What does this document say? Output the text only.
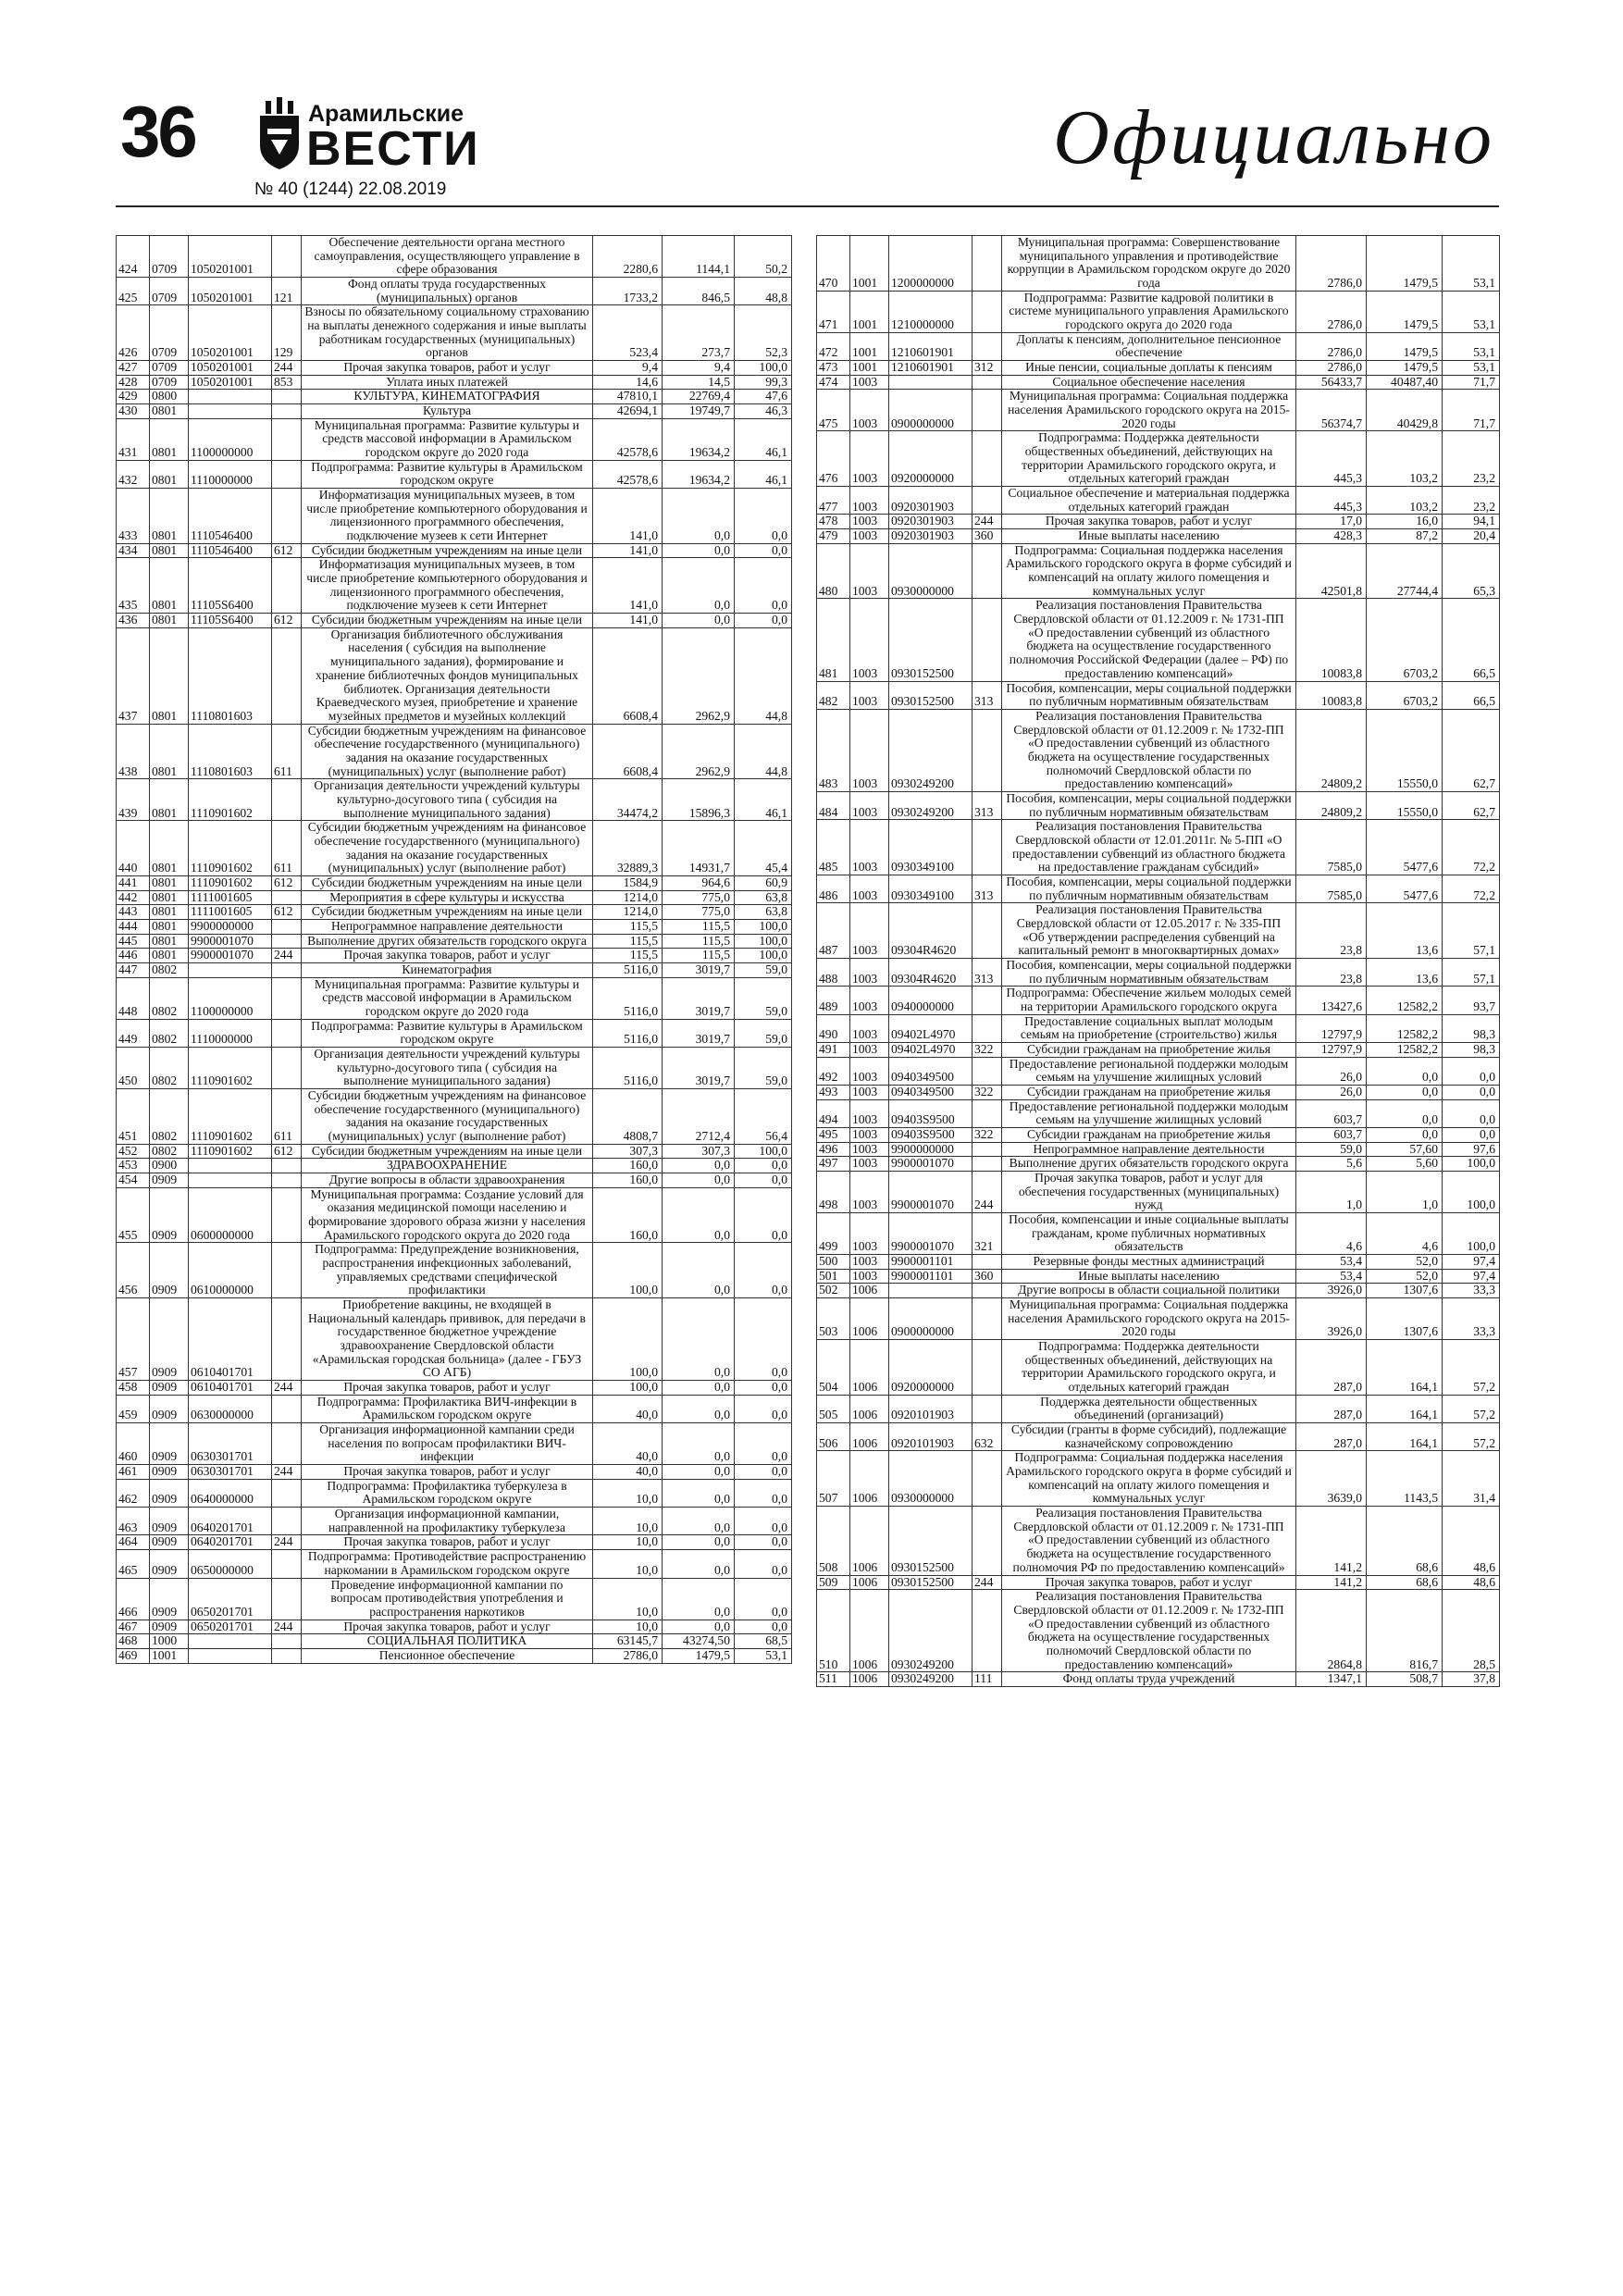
36	Арамильские
ВЕСТИ
№ 40 (1244) 22.08.2019
Официально
424	0709	1050201001		Обеспечение деятельности органа местного самоуправления, осуществляющего управление в сфере образования	2280,6	1144,1	50,2
425	0709	1050201001	121	Фонд оплаты труда государственных (муниципальных) органов	1733,2	846,5	48,8
426	0709	1050201001	129	Взносы по обязательному социальному страхованию на выплаты денежного содержания и иные выплаты работникам государственных (муниципальных) органов	523,4	273,7	52,3
427	0709	1050201001	244	Прочая закупка товаров, работ и услуг	9,4	9,4	100,0
428	0709	1050201001	853	Уплата иных платежей	14,6	14,5	99,3
429	0800			КУЛЬТУРА, КИНЕМАТОГРАФИЯ	47810,1	22769,4	47,6
430	0801			Культура	42694,1	19749,7	46,3
431	0801	1100000000		Муниципальная программа: Развитие культуры и средств массовой информации в Арамильском городском округе до 2020 года	42578,6	19634,2	46,1
432	0801	1110000000		Подпрограмма: Развитие культуры в Арамильском городском округе	42578,6	19634,2	46,1
433	0801	1110546400		Информатизация муниципальных музеев, в том числе приобретение компьютерного оборудования и лицензионного программного обеспечения, подключение музеев к сети Интернет	141,0	0,0	0,0
434	0801	1110546400	612	Субсидии бюджетным учреждениям на иные цели	141,0	0,0	0,0
435	0801	11105S6400		Информатизация муниципальных музеев, в том числе приобретение компьютерного оборудования и лицензионного программного обеспечения, подключение музеев к сети Интернет	141,0	0,0	0,0
436	0801	11105S6400	612	Субсидии бюджетным учреждениям на иные цели	141,0	0,0	0,0
437	0801	1110801603		Организация библиотечного обслуживания населения ( субсидия на выполнение муниципального задания), формирование и хранение библиотечных фондов муниципальных библиотек. Организация деятельности Краеведческого музея, приобретение и хранение музейных предметов и музейных коллекций	6608,4	2962,9	44,8
438	0801	1110801603	611	Субсидии бюджетным учреждениям на финансовое обеспечение государственного (муниципального) задания на оказание государственных (муниципальных) услуг (выполнение работ)	6608,4	2962,9	44,8
439	0801	1110901602		Организация деятельности учреждений культуры культурно-досугового типа ( субсидия на выполнение муниципального задания)	34474,2	15896,3	46,1
440	0801	1110901602	611	Субсидии бюджетным учреждениям на финансовое обеспечение государственного (муниципального) задания на оказание государственных (муниципальных) услуг (выполнение работ)	32889,3	14931,7	45,4
441	0801	1110901602	612	Субсидии бюджетным учреждениям на иные цели	1584,9	964,6	60,9
442	0801	1111001605		Мероприятия в сфере культуры и искусства	1214,0	775,0	63,8
443	0801	1111001605	612	Субсидии бюджетным учреждениям на иные цели	1214,0	775,0	63,8
444	0801	9900000000		Непрограммное направление деятельности	115,5	115,5	100,0
445	0801	9900001070		Выполнение других обязательств городского округа	115,5	115,5	100,0
446	0801	9900001070	244	Прочая закупка товаров, работ и услуг	115,5	115,5	100,0
447	0802			Кинематография	5116,0	3019,7	59,0
448	0802	1100000000		Муниципальная программа: Развитие культуры и средств массовой информации в Арамильском городском округе до 2020 года	5116,0	3019,7	59,0
449	0802	1110000000		Подпрограмма: Развитие культуры в Арамильском городском округе	5116,0	3019,7	59,0
450	0802	1110901602		Организация деятельности учреждений культуры культурно-досугового типа ( субсидия на выполнение муниципального задания)	5116,0	3019,7	59,0
451	0802	1110901602	611	Субсидии бюджетным учреждениям на финансовое обеспечение государственного (муниципального) задания на оказание государственных (муниципальных) услуг (выполнение работ)	4808,7	2712,4	56,4
452	0802	1110901602	612	Субсидии бюджетным учреждениям на иные цели	307,3	307,3	100,0
453	0900			ЗДРАВООХРАНЕНИЕ	160,0	0,0	0,0
454	0909			Другие вопросы в области здравоохранения	160,0	0,0	0,0
455	0909	0600000000		Муниципальная программа: Создание условий для оказания медицинской помощи населению и формирование здорового образа жизни у населения Арамильского городского округа до 2020 года	160,0	0,0	0,0
456	0909	0610000000		Подпрограмма: Предупреждение возникновения, распространения инфекционных заболеваний, управляемых средствами специфической профилактики	100,0	0,0	0,0
457	0909	0610401701		Приобретение вакцины, не входящей в Национальный календарь прививок, для передачи в государственное бюджетное учреждение здравоохранение Свердловской области «Арамильская городская больница» (далее - ГБУЗ СО АГБ)	100,0	0,0	0,0
458	0909	0610401701	244	Прочая закупка товаров, работ и услуг	100,0	0,0	0,0
459	0909	0630000000		Подпрограмма: Профилактика ВИЧ-инфекции в Арамильском городском округе	40,0	0,0	0,0
460	0909	0630301701		Организация информационной кампании среди населения по вопросам профилактики ВИЧ-инфекции	40,0	0,0	0,0
461	0909	0630301701	244	Прочая закупка товаров, работ и услуг	40,0	0,0	0,0
462	0909	0640000000		Подпрограмма: Профилактика туберкулеза в Арамильском городском округе	10,0	0,0	0,0
463	0909	0640201701		Организация информационной кампании, направленной на профилактику туберкулеза	10,0	0,0	0,0
464	0909	0640201701	244	Прочая закупка товаров, работ и услуг	10,0	0,0	0,0
465	0909	0650000000		Подпрограмма: Противодействие распространению наркомании в Арамильском городском округе	10,0	0,0	0,0
466	0909	0650201701		Проведение информационной кампании по вопросам противодействия употребления и распространения наркотиков	10,0	0,0	0,0
467	0909	0650201701	244	Прочая закупка товаров, работ и услуг	10,0	0,0	0,0
468	1000			СОЦИАЛЬНАЯ ПОЛИТИКА	63145,7	43274,50	68,5
469	1001			Пенсионное обеспечение	2786,0	1479,5	53,1
470	1001	1200000000		Муниципальная программа: Совершенствование муниципального управления и противодействие коррупции в Арамильском городском округе до 2020 года	2786,0	1479,5	53,1
471	1001	1210000000		Подпрограмма: Развитие кадровой политики в системе муниципального управления Арамильского городского округа до 2020 года	2786,0	1479,5	53,1
472	1001	1210601901		Доплаты к пенсиям, дополнительное пенсионное обеспечение	2786,0	1479,5	53,1
473	1001	1210601901	312	Иные пенсии, социальные доплаты к пенсиям	2786,0	1479,5	53,1
474	1003			Социальное обеспечение населения	56433,7	40487,40	71,7
475	1003	0900000000		Муниципальная программа: Социальная поддержка населения Арамильского городского округа на 2015-2020 годы	56374,7	40429,8	71,7
476	1003	0920000000		Подпрограмма: Поддержка деятельности общественных объединений, действующих на территории Арамильского городского округа, и отдельных категорий граждан	445,3	103,2	23,2
477	1003	0920301903		Социальное обеспечение и материальная поддержка отдельных категорий граждан	445,3	103,2	23,2
478	1003	0920301903	244	Прочая закупка товаров, работ и услуг	17,0	16,0	94,1
479	1003	0920301903	360	Иные выплаты населению	428,3	87,2	20,4
480	1003	0930000000		Подпрограмма: Социальная поддержка населения Арамильского городского округа в форме субсидий и компенсаций на оплату жилого помещения и коммунальных услуг	42501,8	27744,4	65,3
481	1003	0930152500		Реализация постановления Правительства Свердловской области от 01.12.2009 г. № 1731-ПП «О предоставлении субвенций из областного бюджета на осуществление государственного полномочия Российской Федерации (далее – РФ) по предоставлению компенсаций»	10083,8	6703,2	66,5
482	1003	0930152500	313	Пособия, компенсации, меры социальной поддержки по публичным нормативным обязательствам	10083,8	6703,2	66,5
483	1003	0930249200		Реализация постановления Правительства Свердловской области от 01.12.2009 г. № 1732-ПП «О предоставлении субвенций из областного бюджета на осуществление государственных полномочий Свердловской области по предоставлению компенсаций»	24809,2	15550,0	62,7
484	1003	0930249200	313	Пособия, компенсации, меры социальной поддержки по публичным нормативным обязательствам	24809,2	15550,0	62,7
485	1003	0930349100		Реализация постановления Правительства Свердловской области от 12.01.2011г. № 5-ПП «О предоставлении субвенций из областного бюджета на предоставление гражданам субсидий»	7585,0	5477,6	72,2
486	1003	0930349100	313	Пособия, компенсации, меры социальной поддержки по публичным нормативным обязательствам	7585,0	5477,6	72,2
487	1003	09304R4620		Реализация постановления Правительства Свердловской области от 12.05.2017 г. № 335-ПП «Об утверждении распределения субвенций на капитальный ремонт в многоквартирных домах»	23,8	13,6	57,1
488	1003	09304R4620	313	Пособия, компенсации, меры социальной поддержки по публичным нормативным обязательствам	23,8	13,6	57,1
489	1003	0940000000		Подпрограмма: Обеспечение жильем молодых семей на территории Арамильского городского округа	13427,6	12582,2	93,7
490	1003	09402L4970		Предоставление социальных выплат молодым семьям на приобретение (строительство) жилья	12797,9	12582,2	98,3
491	1003	09402L4970	322	Субсидии гражданам на приобретение жилья	12797,9	12582,2	98,3
492	1003	0940349500		Предоставление региональной поддержки молодым семьям на улучшение жилищных условий	26,0	0,0	0,0
493	1003	0940349500	322	Субсидии гражданам на приобретение жилья	26,0	0,0	0,0
494	1003	09403S9500		Предоставление региональной поддержки молодым семьям на улучшение жилищных условий	603,7	0,0	0,0
495	1003	09403S9500	322	Субсидии гражданам на приобретение жилья	603,7	0,0	0,0
496	1003	9900000000		Непрограммное направление деятельности	59,0	57,60	97,6
497	1003	9900001070		Выполнение других обязательств городского округа	5,6	5,60	100,0
498	1003	9900001070	244	Прочая закупка товаров, работ и услуг для обеспечения государственных (муниципальных) нужд	1,0	1,0	100,0
499	1003	9900001070	321	Пособия, компенсации и иные социальные выплаты гражданам, кроме публичных нормативных обязательств	4,6	4,6	100,0
500	1003	9900001101		Резервные фонды местных администраций	53,4	52,0	97,4
501	1003	9900001101	360	Иные выплаты населению	53,4	52,0	97,4
502	1006			Другие вопросы в области социальной политики	3926,0	1307,6	33,3
503	1006	0900000000		Муниципальная программа: Социальная поддержка населения Арамильского городского округа на 2015-2020 годы	3926,0	1307,6	33,3
504	1006	0920000000		Подпрограмма: Поддержка деятельности общественных объединений, действующих на территории Арамильского городского округа, и отдельных категорий граждан	287,0	164,1	57,2
505	1006	0920101903		Поддержка деятельности общественных объединений (организаций)	287,0	164,1	57,2
506	1006	0920101903	632	Субсидии (гранты в форме субсидий), подлежащие казначейскому сопровождению	287,0	164,1	57,2
507	1006	0930000000		Подпрограмма: Социальная поддержка населения Арамильского городского округа в форме субсидий и компенсаций на оплату жилого помещения и коммунальных услуг	3639,0	1143,5	31,4
508	1006	0930152500		Реализация постановления Правительства Свердловской области от 01.12.2009 г. № 1731-ПП «О предоставлении субвенций из областного бюджета на осуществление государственного полномочия РФ по предоставлению компенсаций»	141,2	68,6	48,6
509	1006	0930152500	244	Прочая закупка товаров, работ и услуг	141,2	68,6	48,6
510	1006	0930249200		Реализация постановления Правительства Свердловской области от 01.12.2009 г. № 1732-ПП «О предоставлении субвенций из областного бюджета на осуществление государственных полномочий Свердловской области по предоставлению компенсаций»	2864,8	816,7	28,5
511	1006	0930249200	111	Фонд оплаты труда учреждений	1347,1	508,7	37,8
